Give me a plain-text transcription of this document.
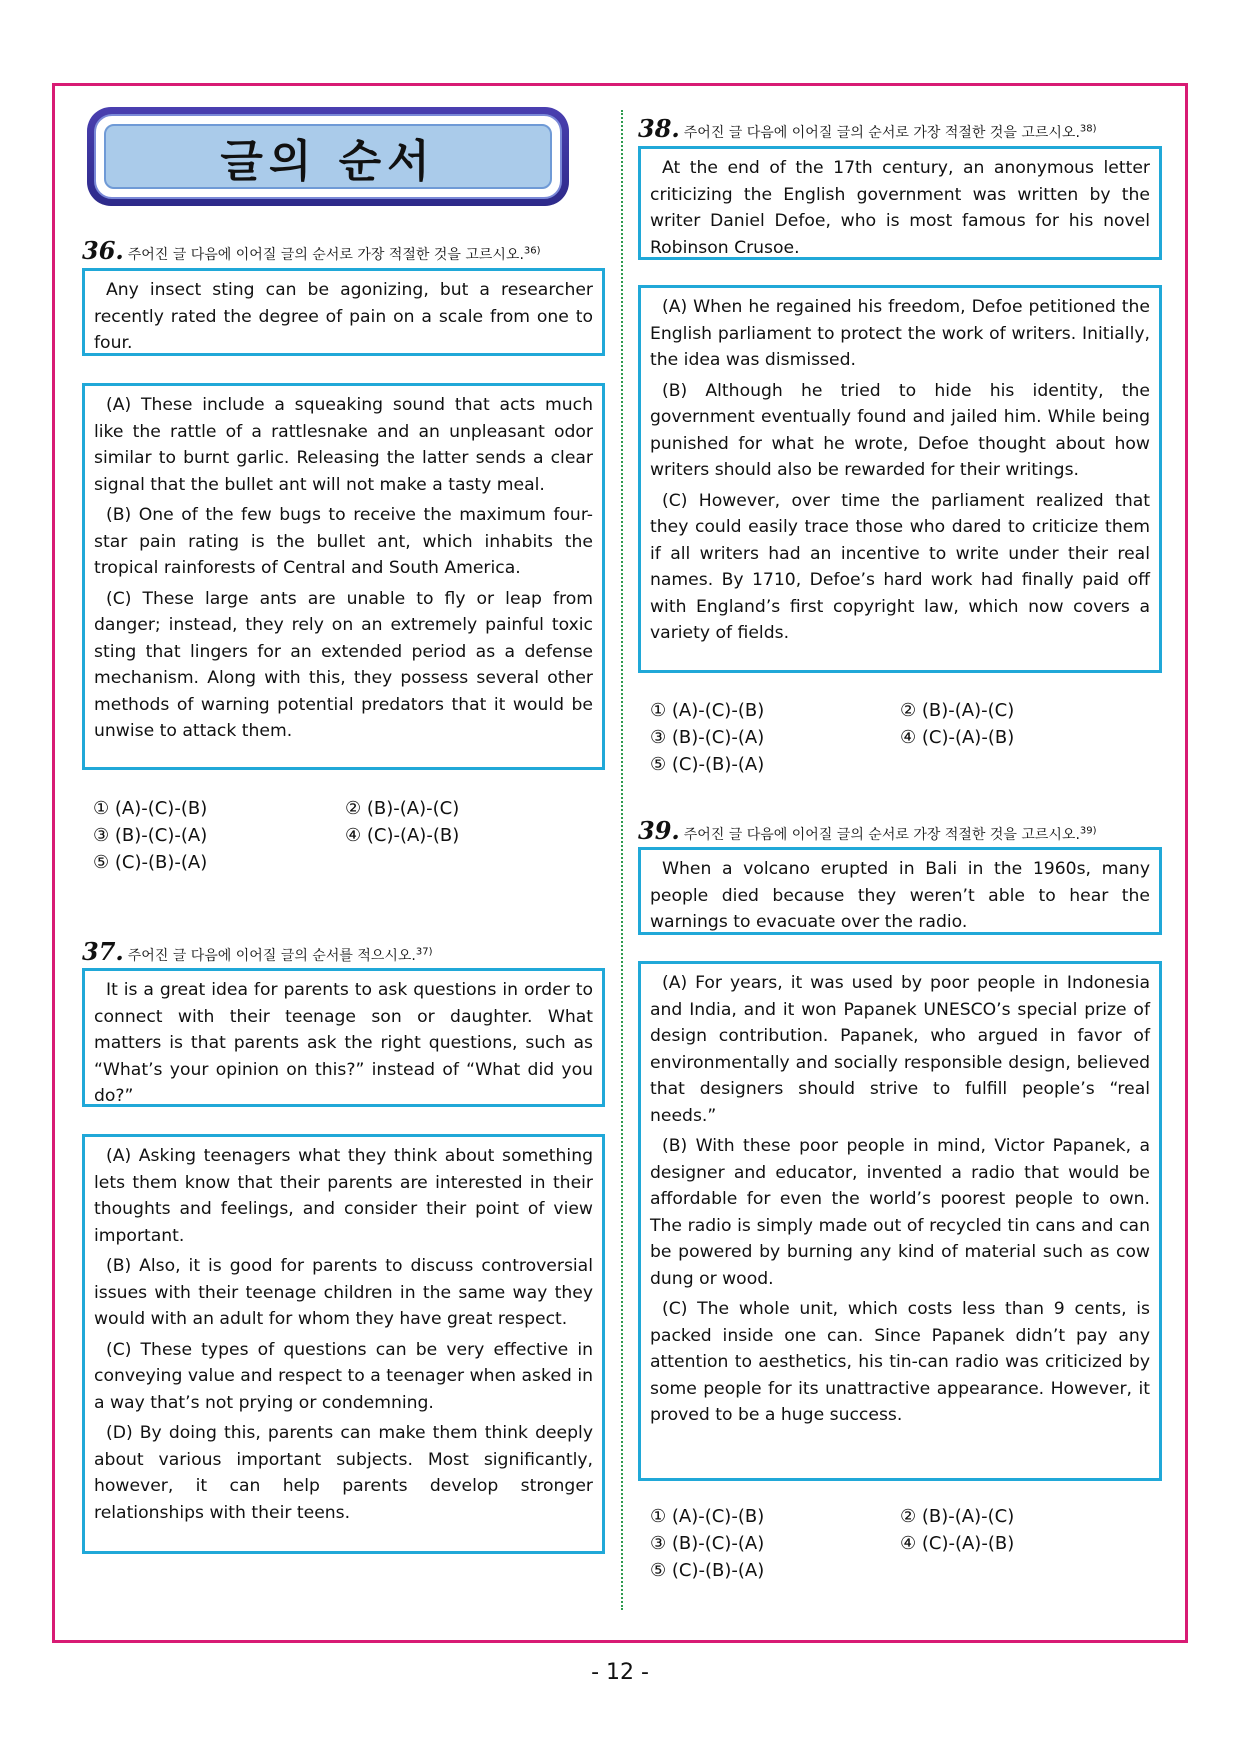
글의 순서
36. 주어진 글 다음에 이어질 글의 순서로 가장 적절한 것을 고르시오.$^{36)}$

Any insect sting can be agonizing, but a researcher recently rated the degree of pain on a scale from one to four.

(A) These include a squeaking sound that acts much like the rattle of a rattlesnake and an unpleasant odor similar to burnt garlic. Releasing the latter sends a clear signal that the bullet ant will not make a tasty meal.

(B) One of the few bugs to receive the maximum four-star pain rating is the bullet ant, which inhabits the tropical rainforests of Central and South America.

(C) These large ants are unable to fly or leap from danger; instead, they rely on an extremely painful toxic sting that lingers for an extended period as a defense mechanism. Along with this, they possess several other methods of warning potential predators that it would be unwise to attack them.

① (A)-(C)-(B)	② (B)-(A)-(C)
③ (B)-(C)-(A)	④ (C)-(A)-(B)
⑤ (C)-(B)-(A)
37. 주어진 글 다음에 이어질 글의 순서를 적으시오.$^{37)}$

It is a great idea for parents to ask questions in order to connect with their teenage son or daughter. What matters is that parents ask the right questions, such as “What’s your opinion on this?” instead of “What did you do?”

(A) Asking teenagers what they think about something lets them know that their parents are interested in their thoughts and feelings, and consider their point of view important.

(B) Also, it is good for parents to discuss controversial issues with their teenage children in the same way they would with an adult for whom they have great respect.

(C) These types of questions can be very effective in conveying value and respect to a teenager when asked in a way that’s not prying or condemning.

(D) By doing this, parents can make them think deeply about various important subjects. Most significantly, however, it can help parents develop stronger relationships with their teens.

38. 주어진 글 다음에 이어질 글의 순서로 가장 적절한 것을 고르시오.$^{38)}$

At the end of the 17th century, an anonymous letter criticizing the English government was written by the writer Daniel Defoe, who is most famous for his novel Robinson Crusoe.

(A) When he regained his freedom, Defoe petitioned the English parliament to protect the work of writers. Initially, the idea was dismissed.

(B) Although he tried to hide his identity, the government eventually found and jailed him. While being punished for what he wrote, Defoe thought about how writers should also be rewarded for their writings.

(C) However, over time the parliament realized that they could easily trace those who dared to criticize them if all writers had an incentive to write under their real names. By 1710, Defoe’s hard work had finally paid off with England’s first copyright law, which now covers a variety of fields.

① (A)-(C)-(B)	② (B)-(A)-(C)
③ (B)-(C)-(A)	④ (C)-(A)-(B)
⑤ (C)-(B)-(A)
39. 주어진 글 다음에 이어질 글의 순서로 가장 적절한 것을 고르시오.$^{39)}$

When a volcano erupted in Bali in the 1960s, many people died because they weren’t able to hear the warnings to evacuate over the radio.

(A) For years, it was used by poor people in Indonesia and India, and it won Papanek UNESCO’s special prize of design contribution. Papanek, who argued in favor of environmentally and socially responsible design, believed that designers should strive to fulfill people’s “real needs.”

(B) With these poor people in mind, Victor Papanek, a designer and educator, invented a radio that would be affordable for even the world’s poorest people to own. The radio is simply made out of recycled tin cans and can be powered by burning any kind of material such as cow dung or wood.

(C) The whole unit, which costs less than 9 cents, is packed inside one can. Since Papanek didn’t pay any attention to aesthetics, his tin-can radio was criticized by some people for its unattractive appearance. However, it proved to be a huge success.

① (A)-(C)-(B)	② (B)-(A)-(C)
③ (B)-(C)-(A)	④ (C)-(A)-(B)
⑤ (C)-(B)-(A)
- 12 -
